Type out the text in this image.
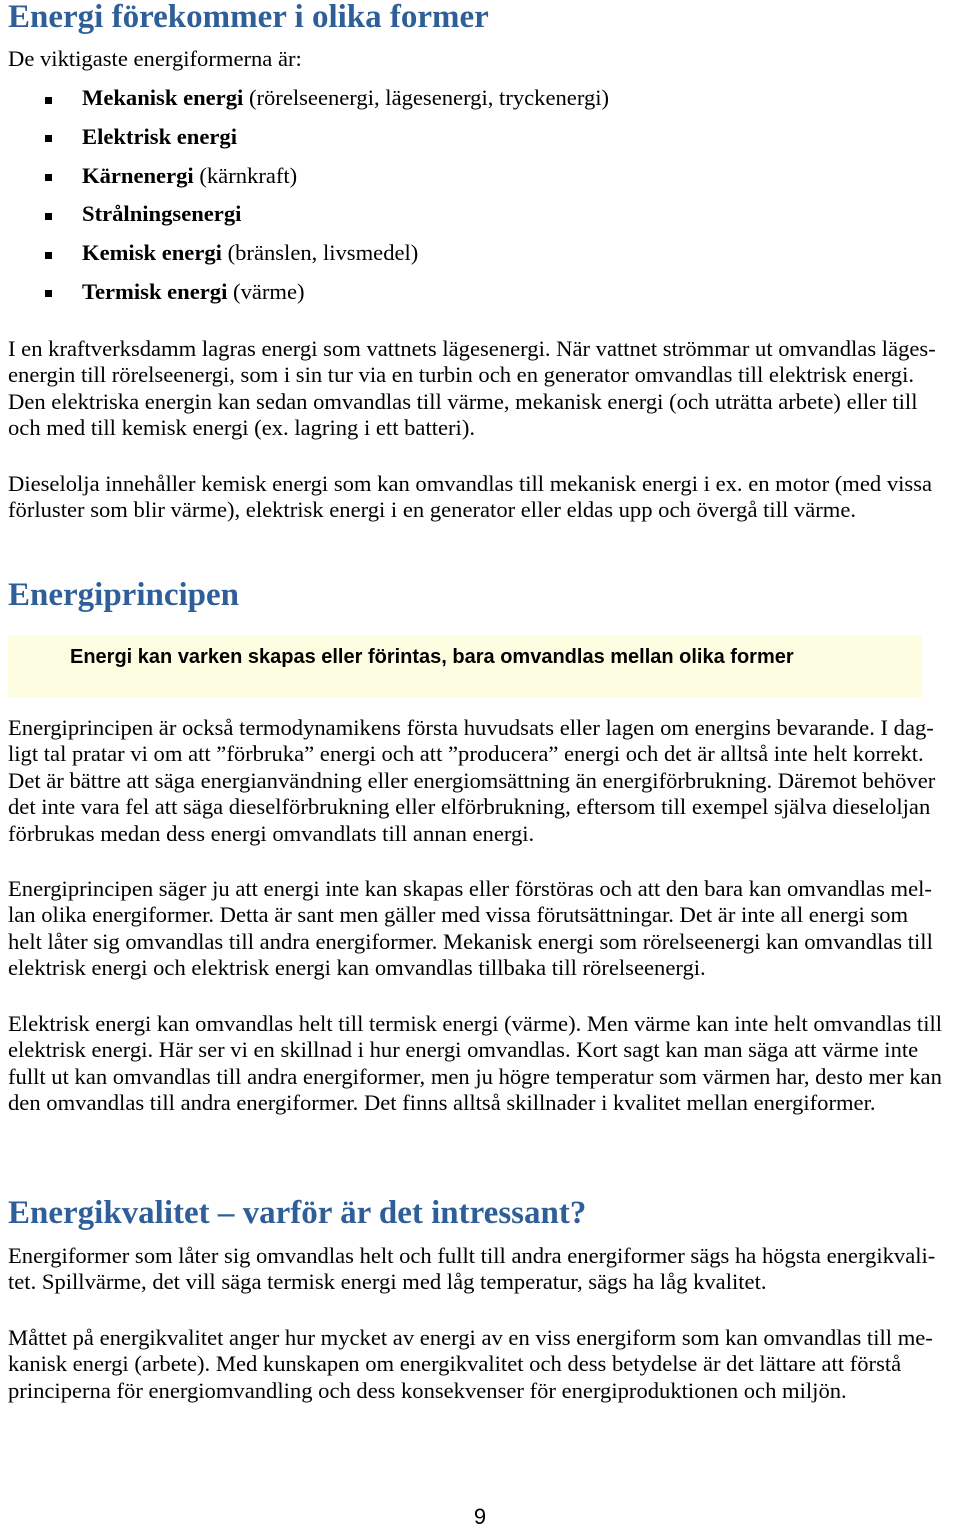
Energi förekommer i olika former
De viktigaste energiformerna är:
Mekanisk energi (rörelseenergi, lägesenergi, tryckenergi)
Elektrisk energi
Kärnenergi (kärnkraft)
Strålningsenergi
Kemisk energi (bränslen, livsmedel)
Termisk energi (värme)
I en kraftverksdamm lagras energi som vattnets lägesenergi. När vattnet strömmar ut omvandlas läges-
energin till rörelseenergi, som i sin tur via en turbin och en generator omvandlas till elektrisk energi.
Den elektriska energin kan sedan omvandlas till värme, mekanisk energi (och uträtta arbete) eller till
och med till kemisk energi (ex. lagring i ett batteri).
Dieselolja innehåller kemisk energi som kan omvandlas till mekanisk energi i ex. en motor (med vissa
förluster som blir värme), elektrisk energi i en generator eller eldas upp och övergå till värme.
Energiprincipen
Energi kan varken skapas eller förintas, bara omvandlas mellan olika former
Energiprincipen är också termodynamikens första huvudsats eller lagen om energins bevarande. I dag-
ligt tal pratar vi om att ”förbruka” energi och att ”producera” energi och det är alltså inte helt korrekt.
Det är bättre att säga energianvändning eller energiomsättning än energiförbrukning. Däremot behöver
det inte vara fel att säga dieselförbrukning eller elförbrukning, eftersom till exempel själva dieseloljan
förbrukas medan dess energi omvandlats till annan energi.
Energiprincipen säger ju att energi inte kan skapas eller förstöras och att den bara kan omvandlas mel-
lan olika energiformer. Detta är sant men gäller med vissa förutsättningar. Det är inte all energi som
helt låter sig omvandlas till andra energiformer. Mekanisk energi som rörelseenergi kan omvandlas till
elektrisk energi och elektrisk energi kan omvandlas tillbaka till rörelseenergi.
Elektrisk energi kan omvandlas helt till termisk energi (värme). Men värme kan inte helt omvandlas till
elektrisk energi. Här ser vi en skillnad i hur energi omvandlas. Kort sagt kan man säga att värme inte
fullt ut kan omvandlas till andra energiformer, men ju högre temperatur som värmen har, desto mer kan
den omvandlas till andra energiformer. Det finns alltså skillnader i kvalitet mellan energiformer.
Energikvalitet – varför är det intressant?
Energiformer som låter sig omvandlas helt och fullt till andra energiformer sägs ha högsta energikvali-
tet. Spillvärme, det vill säga termisk energi med låg temperatur, sägs ha låg kvalitet.
Måttet på energikvalitet anger hur mycket av energi av en viss energiform som kan omvandlas till me-
kanisk energi (arbete). Med kunskapen om energikvalitet och dess betydelse är det lättare att förstå
principerna för energiomvandling och dess konsekvenser för energiproduktionen och miljön.
9
